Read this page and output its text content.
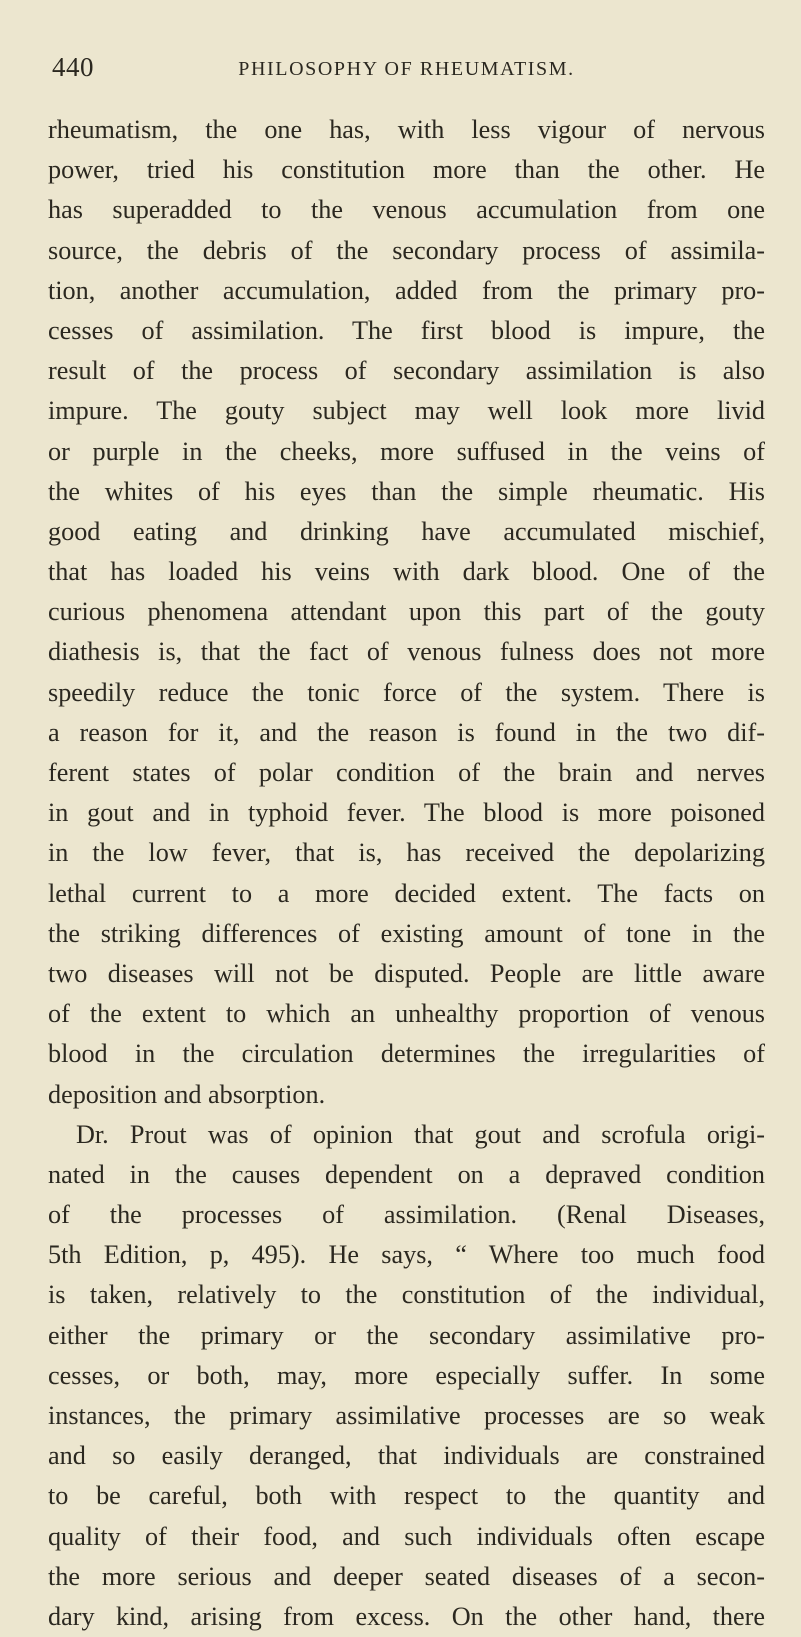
440	PHILOSOPHY OF RHEUMATISM.
rheumatism, the one has, with less vigour of nervous
power, tried his constitution more than the other. He
has superadded to the venous accumulation from one
source, the debris of the secondary process of assimila-
tion, another accumulation, added from the primary pro-
cesses of assimilation. The first blood is impure, the
result of the process of secondary assimilation is also
impure. The gouty subject may well look more livid
or purple in the cheeks, more suffused in the veins of
the whites of his eyes than the simple rheumatic. His
good eating and drinking have accumulated mischief,
that has loaded his veins with dark blood. One of the
curious phenomena attendant upon this part of the gouty
diathesis is, that the fact of venous fulness does not more
speedily reduce the tonic force of the system. There is
a reason for it, and the reason is found in the two dif-
ferent states of polar condition of the brain and nerves
in gout and in typhoid fever. The blood is more poisoned
in the low fever, that is, has received the depolarizing
lethal current to a more decided extent. The facts on
the striking differences of existing amount of tone in the
two diseases will not be disputed. People are little aware
of the extent to which an unhealthy proportion of venous
blood in the circulation determines the irregularities of
deposition and absorption.
Dr. Prout was of opinion that gout and scrofula origi-
nated in the causes dependent on a depraved condition
of the processes of assimilation. (Renal Diseases,
5th Edition, p, 495). He says, “ Where too much food
is taken, relatively to the constitution of the individual,
either the primary or the secondary assimilative pro-
cesses, or both, may, more especially suffer. In some
instances, the primary assimilative processes are so weak
and so easily deranged, that individuals are constrained
to be careful, both with respect to the quantity and
quality of their food, and such individuals often escape
the more serious and deeper seated diseases of a secon-
dary kind, arising from excess. On the other hand, there
